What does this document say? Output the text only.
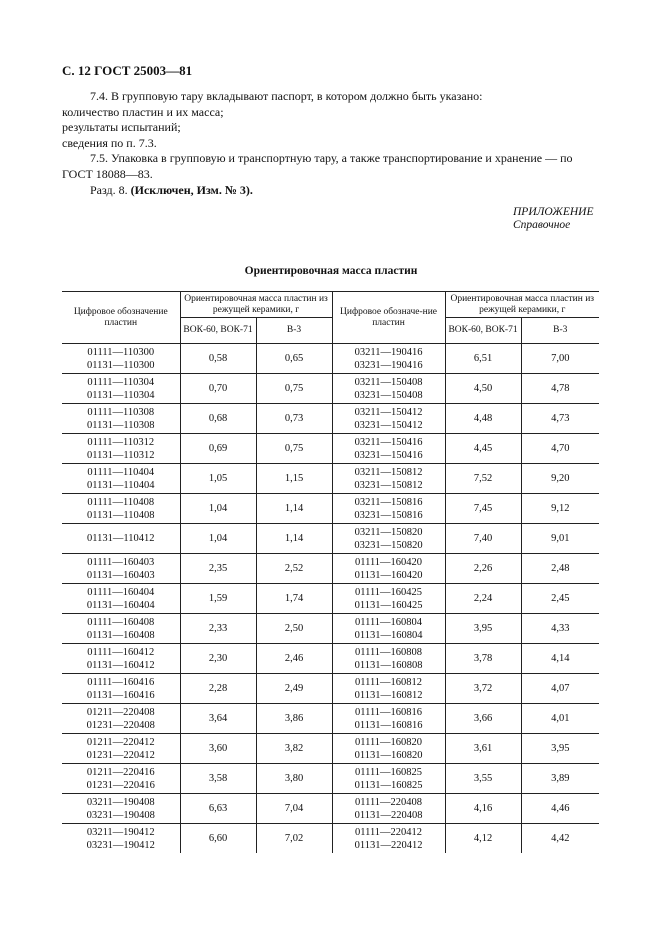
С. 12 ГОСТ 25003—81

7.4. В групповую тару вкладывают паспорт, в котором должно быть указано:

количество пластин и их масса;

результаты испытаний;

сведения по п. 7.3.

7.5. Упаковка в групповую и транспортную тару, а также транспортирование и хранение — по ГОСТ 18088—83.

Разд. 8. (Исключен, Изм. № 3).

ПРИЛОЖЕНИЕ
Справочное
Ориентировочная масса пластин
Цифровое обозначение пластин	Ориентировочная масса пластин из режущей керамики, г		Цифровое обозначе-ние пластин	Ориентировочная масса пластин из режущей керамики, г	
	ВОК-60, ВОК-71	В-3		ВОК-60, ВОК-71	В-3

01111—110300
01131—110300	0,58	0,65	03211—190416
03231—190416	6,51	7,00

01111—110304
01131—110304	0,70	0,75	03211—150408
03231—150408	4,50	4,78

01111—110308
01131—110308	0,68	0,73	03211—150412
03231—150412	4,48	4,73

01111—110312
01131—110312	0,69	0,75	03211—150416
03231—150416	4,45	4,70

01111—110404
01131—110404	1,05	1,15	03211—150812
03231—150812	7,52	9,20

01111—110408
01131—110408	1,04	1,14	03211—150816
03231—150816	7,45	9,12

01131—110412	1,04	1,14	03211—150820
03231—150820	7,40	9,01

01111—160403
01131—160403	2,35	2,52	01111—160420
01131—160420	2,26	2,48

01111—160404
01131—160404	1,59	1,74	01111—160425
01131—160425	2,24	2,45

01111—160408
01131—160408	2,33	2,50	01111—160804
01131—160804	3,95	4,33

01111—160412
01131—160412	2,30	2,46	01111—160808
01131—160808	3,78	4,14

01111—160416
01131—160416	2,28	2,49	01111—160812
01131—160812	3,72	4,07

01211—220408
01231—220408	3,64	3,86	01111—160816
01131—160816	3,66	4,01

01211—220412
01231—220412	3,60	3,82	01111—160820
01131—160820	3,61	3,95

01211—220416
01231—220416	3,58	3,80	01111—160825
01131—160825	3,55	3,89

03211—190408
03231—190408	6,63	7,04	01111—220408
01131—220408	4,16	4,46

03211—190412
03231—190412	6,60	7,02	01111—220412
01131—220412	4,12	4,42
